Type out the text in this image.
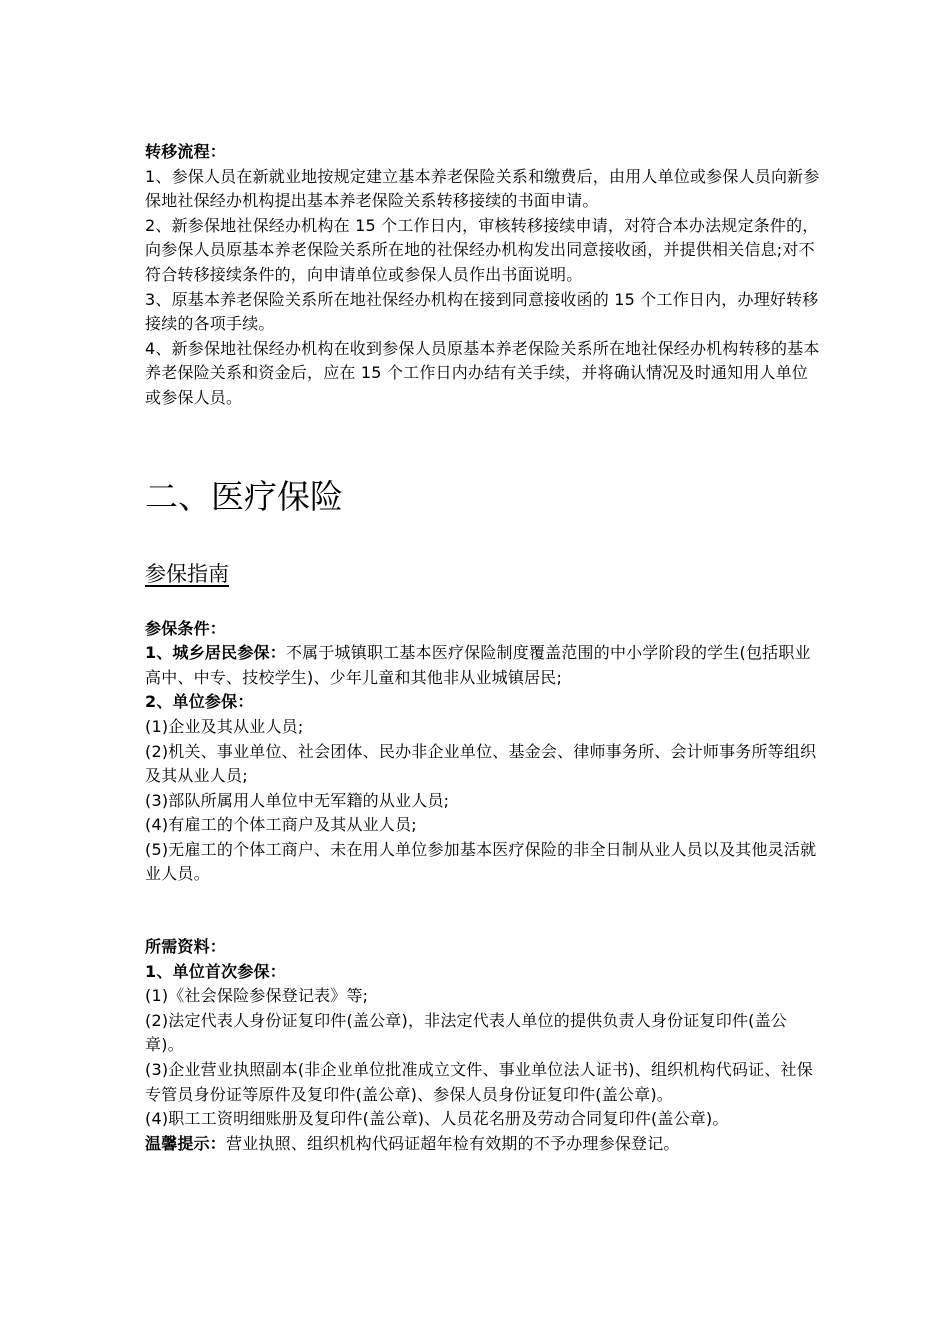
转移流程：

1、参保人员在新就业地按规定建立基本养老保险关系和缴费后，由用人单位或参保人员向新参保地社保经办机构提出基本养老保险关系转移接续的书面申请。

2、新参保地社保经办机构在 15 个工作日内，审核转移接续申请，对符合本办法规定条件的，向参保人员原基本养老保险关系所在地的社保经办机构发出同意接收函，并提供相关信息;对不符合转移接续条件的，向申请单位或参保人员作出书面说明。

3、原基本养老保险关系所在地社保经办机构在接到同意接收函的 15 个工作日内，办理好转移接续的各项手续。

4、新参保地社保经办机构在收到参保人员原基本养老保险关系所在地社保经办机构转移的基本养老保险关系和资金后，应在 15 个工作日内办结有关手续，并将确认情况及时通知用人单位或参保人员。

二、医疗保险
参保指南

参保条件：

1、城乡居民参保：不属于城镇职工基本医疗保险制度覆盖范围的中小学阶段的学生(包括职业高中、中专、技校学生)、少年儿童和其他非从业城镇居民;

2、单位参保：

(1)企业及其从业人员;

(2)机关、事业单位、社会团体、民办非企业单位、基金会、律师事务所、会计师事务所等组织及其从业人员;

(3)部队所属用人单位中无军籍的从业人员;

(4)有雇工的个体工商户及其从业人员;

(5)无雇工的个体工商户、未在用人单位参加基本医疗保险的非全日制从业人员以及其他灵活就业人员。

所需资料：

1、单位首次参保：

(1)《社会保险参保登记表》等;

(2)法定代表人身份证复印件(盖公章)，非法定代表人单位的提供负责人身份证复印件(盖公章)。

(3)企业营业执照副本(非企业单位批准成立文件、事业单位法人证书)、组织机构代码证、社保专管员身份证等原件及复印件(盖公章)、参保人员身份证复印件(盖公章)。

(4)职工工资明细账册及复印件(盖公章)、人员花名册及劳动合同复印件(盖公章)。

温馨提示：营业执照、组织机构代码证超年检有效期的不予办理参保登记。
